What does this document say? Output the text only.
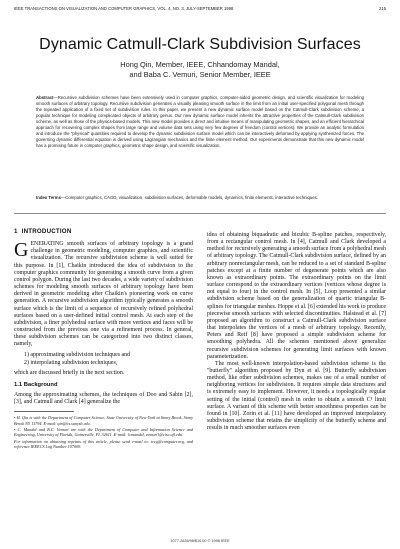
IEEE TRANSACTIONS ON VISUALIZATION AND COMPUTER GRAPHICS, VOL. 4, NO. 3, JULY-SEPTEMBER 1998	215
Dynamic Catmull-Clark Subdivision Surfaces
Hong Qin, Member, IEEE, Chhandomay Mandal,
and Baba C. Vemuri, Senior Member, IEEE
Abstract—Recursive subdivision schemes have been extensively used in computer graphics, computer-aided geometric design, and scientific visualization for modeling smooth surfaces of arbitrary topology. Recursive subdivision generates a visually pleasing smooth surface in the limit from an initial user-specified polygonal mesh through the repeated application of a fixed set of subdivision rules. In this paper, we present a new dynamic surface model based on the Catmull-Clark subdivision scheme, a popular technique for modeling complicated objects of arbitrary genus. Our new dynamic surface model inherits the attractive properties of the Catmull-Clark subdivision scheme, as well as those of the physics-based models. This new model provides a direct and intuitive means of manipulating geometric shapes, and an efficient hierarchical approach for recovering complex shapes from large range and volume data sets using very few degrees of freedom (control vertices). We provide an analytic formulation and introduce the "physical" quantities required to develop the dynamic subdivision surface model which can be interactively deformed by applying synthesized forces. The governing dynamic differential equation is derived using Lagrangian mechanics and the finite element method. Our experiments demonstrate that this new dynamic model has a promising future in computer graphics, geometric shape design, and scientific visualization.
Index Terms—Computer graphics, CAGD, visualization, subdivision surfaces, deformable models, dynamics, finite elements, interactive techniques.
1 INTRODUCTION
G ENERATING smooth surfaces of arbitrary topology is a grand challenge in geometric modeling, computer graphics, and scientific visualization. The recursive subdivision scheme is well suited for this purpose. In [1], Chaikin introduced the idea of subdivision to the computer graphics community for generating a smooth curve from a given control polygon. During the last two decades, a wide variety of subdivision schemes for modeling smooth surfaces of arbitrary topology have been derived in geometric modeling after Chaikin's pioneering work on curve generation. A recursive subdivision algorithm typically generates a smooth surface which is the limit of a sequence of recursively refined polyhedral surfaces based on a user-defined initial control mesh. At each step of the subdivision, a finer polyhedral surface with more vertices and faces will be constructed from the previous one via a refinement process. In general, these subdivision schemes can be categorized into two distinct classes, namely,

1) approximating subdivision techniques and
2) interpolating subdivision techniques,

which are discussed briefly in the next section.

1.1 Background

Among the approximating schemes, the techniques of Doo and Sabin [2], [3], and Catmull and Clark [4] generalize the

• H. Qin is with the Department of Computer Science, State University of New York at Stony Brook, Stony Brook NY 11794. E-mail: qin@cs.sunysb.edu.
• C. Mandal and B.C. Vemuri are with the Department of Computer and Information Science and Engineering, University of Florida, Gainesville, FL 32611. E-mail: {cmandal, vemuri}@cise.ufl.edu.
For information on obtaining reprints of this article, please send e-mail to: tvcg@computer.org, and reference IEEECS Log Number 107009.

idea of obtaining biquadratic and bicubic B-spline patches, respectively, from a rectangular control mesh. In [4], Catmull and Clark developed a method for recursively generating a smooth surface from a polyhedral mesh of arbitrary topology. The Catmull-Clark subdivision surface, defined by an arbitrary nonrectangular mesh, can be reduced to a set of standard B-spline patches except at a finite number of degenerate points which are also known as extraordinary points. The extraordinary points on the limit surface correspond to the extraordinary vertices (vertices whose degree is not equal to four) in the control mesh. In [5], Loop presented a similar subdivision scheme based on the generalization of quartic triangular B-splines for triangular meshes. Hoppe et al. [6] extended his work to produce piecewise smooth surfaces with selected discontinuities. Halstead et al. [7] proposed an algorithm to construct a Catmull-Clark subdivision surface that interpolates the vertices of a mesh of arbitrary topology. Recently, Peters and Reif [8] have proposed a simple subdivision scheme for smoothing polyhedra. All the schemes mentioned above generalize recursive subdivision schemes for generating limit surfaces with known parameterization.

The most well-known interpolation-based subdivision scheme is the "butterfly" algorithm proposed by Dyn et al. [9]. Butterfly subdivision method, like other subdivision schemes, makes use of a small number of neighboring vertices for subdivision. It requires simple data structures and is extremely easy to implement. However, it needs a topologically regular setting of the initial (control) mesh in order to obtain a smooth C¹ limit surface. A variant of this scheme with better smoothness properties can be found in [10]. Zorin et al. [11] have developed an improved interpolatory subdivision scheme that retains the simplicity of the butterfly scheme and results in much smoother surfaces even

1077-2626/98/$10.00 © 1998 IEEE
